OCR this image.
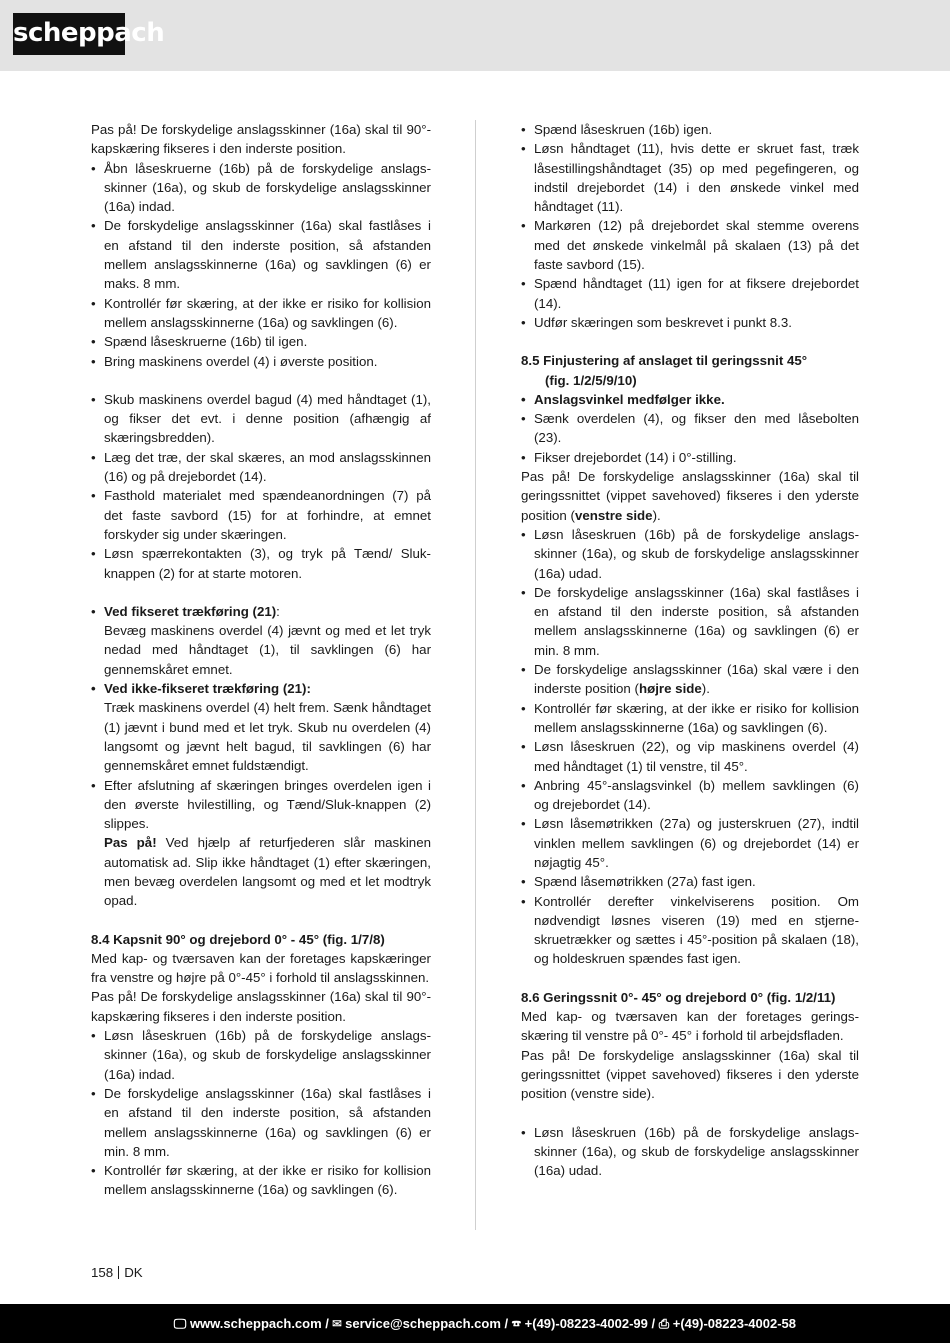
scheppach

Pas på! De forskydelige anslagsskinner (16a) skal til 90°-kapskæring fikseres i den inderste position.

• Åbn låseskruerne (16b) på de forskydelige anslagsskinner (16a), og skub de forskydelige anslagsskinner (16a) indad.

• De forskydelige anslagsskinner (16a) skal fastlåses i en afstand til den inderste position, så afstanden mellem anslagsskinnerne (16a) og savklingen (6) er maks. 8 mm.

• Kontrollér før skæring, at der ikke er risiko for kollision mellem anslagsskinnerne (16a) og savklingen (6).

• Spænd låseskruerne (16b) til igen.

• Bring maskinens overdel (4) i øverste position.

• Skub maskinens overdel bagud (4) med håndtaget (1), og fikser det evt. i denne position (afhængig af skæringsbredden).

• Læg det træ, der skal skæres, an mod anslagsskinnen (16) og på drejebordet (14).

• Fasthold materialet med spændeanordningen (7) på det faste savbord (15) for at forhindre, at emnet forskyder sig under skæringen.

• Løsn spærrekontakten (3), og tryk på Tænd/ Sluk-knappen (2) for at starte motoren.

• Ved fikseret trækføring (21):

Bevæg maskinens overdel (4) jævnt og med et let tryk nedad med håndtaget (1), til savklingen (6) har gennemskåret emnet.

• Ved ikke-fikseret trækføring (21):

Træk maskinens overdel (4) helt frem. Sænk håndtaget (1) jævnt i bund med et let tryk. Skub nu overdelen (4) langsomt og jævnt helt bagud, til savklingen (6) har gennemskåret emnet fuldstændigt.

• Efter afslutning af skæringen bringes overdelen igen i den øverste hvilestilling, og Tænd/Sluk-knappen (2) slippes.

Pas på! Ved hjælp af returfjederen slår maskinen automatisk ad. Slip ikke håndtaget (1) efter skæringen, men bevæg overdelen langsomt og med et let modtryk opad.

8.4 Kapsnit 90° og drejebord 0° - 45° (fig. 1/7/8)

Med kap- og tværsaven kan der foretages kapskæringer fra venstre og højre på 0°-45° i forhold til anslagsskinnen.

Pas på! De forskydelige anslagsskinner (16a) skal til 90°-kapskæring fikseres i den inderste position.

• Løsn låseskruen (16b) på de forskydelige anslagsskinner (16a), og skub de forskydelige anslagsskinner (16a) indad.

• De forskydelige anslagsskinner (16a) skal fastlåses i en afstand til den inderste position, så afstanden mellem anslagsskinnerne (16a) og savklingen (6) er min. 8 mm.

• Kontrollér før skæring, at der ikke er risiko for kollision mellem anslagsskinnerne (16a) og savklingen (6).

• Spænd låseskruen (16b) igen.

• Løsn håndtaget (11), hvis dette er skruet fast, træk låsestillingshåndtaget (35) op med pegefingeren, og indstil drejebordet (14) i den ønskede vinkel med håndtaget (11).

• Markøren (12) på drejebordet skal stemme overens med det ønskede vinkelmål på skalaen (13) på det faste savbord (15).

• Spænd håndtaget (11) igen for at fiksere drejebordet (14).

• Udfør skæringen som beskrevet i punkt 8.3.

8.5 Finjustering af anslaget til geringssnit 45°

(fig. 1/2/5/9/10)

• Anslagsvinkel medfølger ikke.

• Sænk overdelen (4), og fikser den med låsebolten (23).

• Fikser drejebordet (14) i 0°-stilling.

Pas på! De forskydelige anslagsskinner (16a) skal til geringssnittet (vippet savehoved) fikseres i den yderste position (venstre side).

• Løsn låseskruen (16b) på de forskydelige anslagsskinner (16a), og skub de forskydelige anslagsskinner (16a) udad.

• De forskydelige anslagsskinner (16a) skal fastlåses i en afstand til den inderste position, så afstanden mellem anslagsskinnerne (16a) og savklingen (6) er min. 8 mm.

• De forskydelige anslagsskinner (16a) skal være i den inderste position (højre side).

• Kontrollér før skæring, at der ikke er risiko for kollision mellem anslagsskinnerne (16a) og savklingen (6).

• Løsn låseskruen (22), og vip maskinens overdel (4) med håndtaget (1) til venstre, til 45°.

• Anbring 45°-anslagsvinkel (b) mellem savklingen (6) og drejebordet (14).

• Løsn låsemøtrikken (27a) og justerskruen (27), indtil vinklen mellem savklingen (6) og drejebordet (14) er nøjagtig 45°.

• Spænd låsemøtrikken (27a) fast igen.

• Kontrollér derefter vinkelviserens position. Om nødvendigt løsnes viseren (19) med en stjerneskruetrækker og sættes i 45°-position på skalaen (18), og holdeskruen spændes fast igen.

8.6 Geringssnit 0°- 45° og drejebord 0° (fig. 1/2/11)

Med kap- og tværsaven kan der foretages geringsskæring til venstre på 0°- 45° i forhold til arbejdsfladen.

Pas på! De forskydelige anslagsskinner (16a) skal til geringssnittet (vippet savehoved) fikseres i den yderste position (venstre side).

• Løsn låseskruen (16b) på de forskydelige anslagsskinner (16a), og skub de forskydelige anslagsskinner (16a) udad.

158 DK
🖵 www.scheppach.com / ✉ service@scheppach.com / ☎ +(49)-08223-4002-99 / ⎙ +(49)-08223-4002-58
